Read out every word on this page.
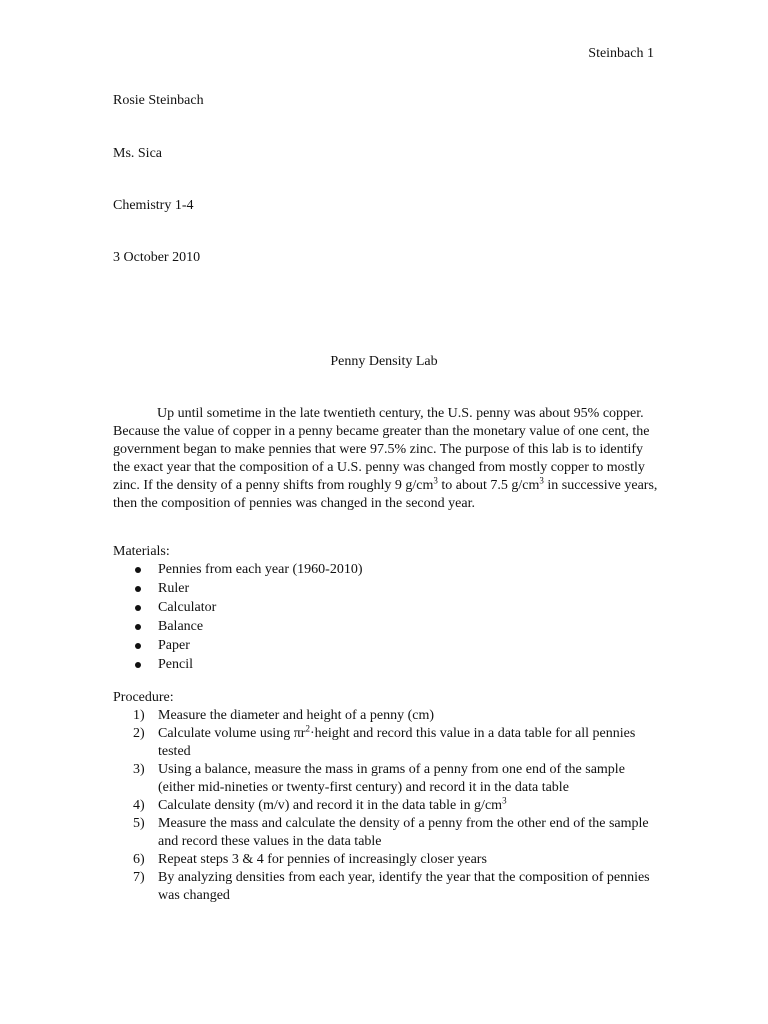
Steinbach 1
Rosie Steinbach
Ms. Sica
Chemistry 1-4
3 October 2010
Penny Density Lab

Up until sometime in the late twentieth century, the U.S. penny was about 95% copper. Because the value of copper in a penny became greater than the monetary value of one cent, the government began to make pennies that were 97.5% zinc. The purpose of this lab is to identify the exact year that the composition of a U.S. penny was changed from mostly copper to mostly zinc. If the density of a penny shifts from roughly 9 $g/cm^3$ to about 7.5 $g/cm^3$ in successive years, then the composition of pennies was changed in the second year.

Materials:
Pennies from each year (1960-2010)
Ruler
Calculator
Balance
Paper
Pencil
Procedure:
1) Measure the diameter and height of a penny (cm)
2) Calculate volume using $\pi r^2\cdot height$ and record this value in a data table for all pennies tested
3) Using a balance, measure the mass in grams of a penny from one end of the sample (either mid-nineties or twenty-first century) and record it in the data table
4) Calculate density (m/v) and record it in the data table in $g/cm^3$
5) Measure the mass and calculate the density of a penny from the other end of the sample and record these values in the data table
6) Repeat steps 3 & 4 for pennies of increasingly closer years
7) By analyzing densities from each year, identify the year that the composition of pennies was changed
